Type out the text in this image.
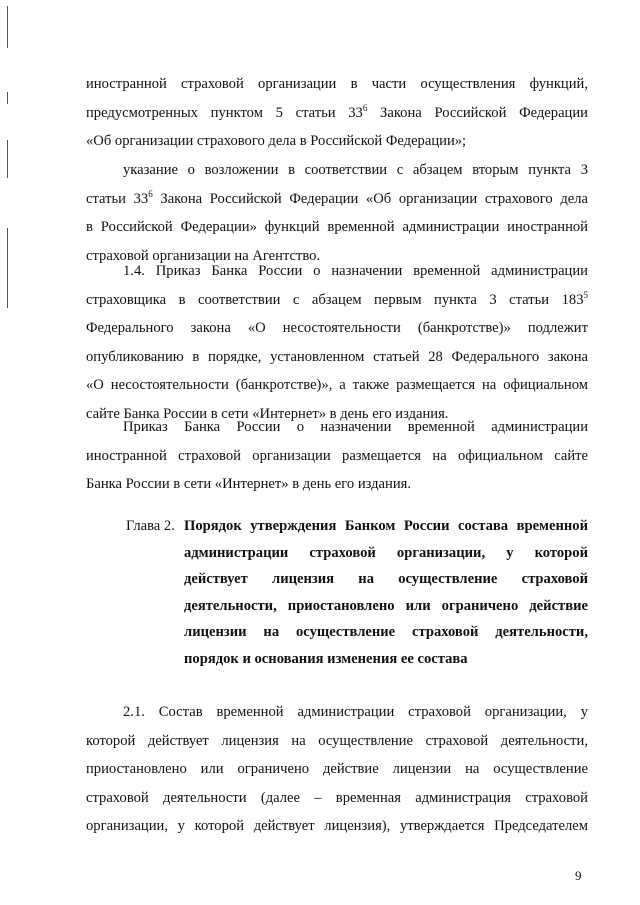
иностранной страховой организации в части осуществления функций,
предусмотренных пунктом 5 статьи $33^6$ Закона Российской Федерации
«Об организации страхового дела в Российской Федерации»;

указание о возложении в соответствии с абзацем вторым пункта 3
статьи $33^6$ Закона Российской Федерации «Об организации страхового дела
в Российской Федерации» функций временной администрации иностранной
страховой организации на Агентство.

1.4. Приказ Банка России о назначении временной администрации
страховщика в соответствии с абзацем первым пункта 3 статьи $183^5$
Федерального закона «О несостоятельности (банкротстве)» подлежит
опубликованию в порядке, установленном статьей 28 Федерального закона
«О несостоятельности (банкротстве)», а также размещается на официальном
сайте Банка России в сети «Интернет» в день его издания.

Приказ Банка России о назначении временной администрации
иностранной страховой организации размещается на официальном сайте
Банка России в сети «Интернет» в день его издания.

Глава 2. Порядок утверждения Банком России состава временной
администрации страховой организации, у которой
действует лицензия на осуществление страховой
деятельности, приостановлено или ограничено действие
лицензии на осуществление страховой деятельности,
порядок и основания изменения ее состава

2.1. Состав временной администрации страховой организации, у
которой действует лицензия на осуществление страховой деятельности,
приостановлено или ограничено действие лицензии на осуществление
страховой деятельности (далее – временная администрация страховой
организации, у которой действует лицензия), утверждается Председателем

9
